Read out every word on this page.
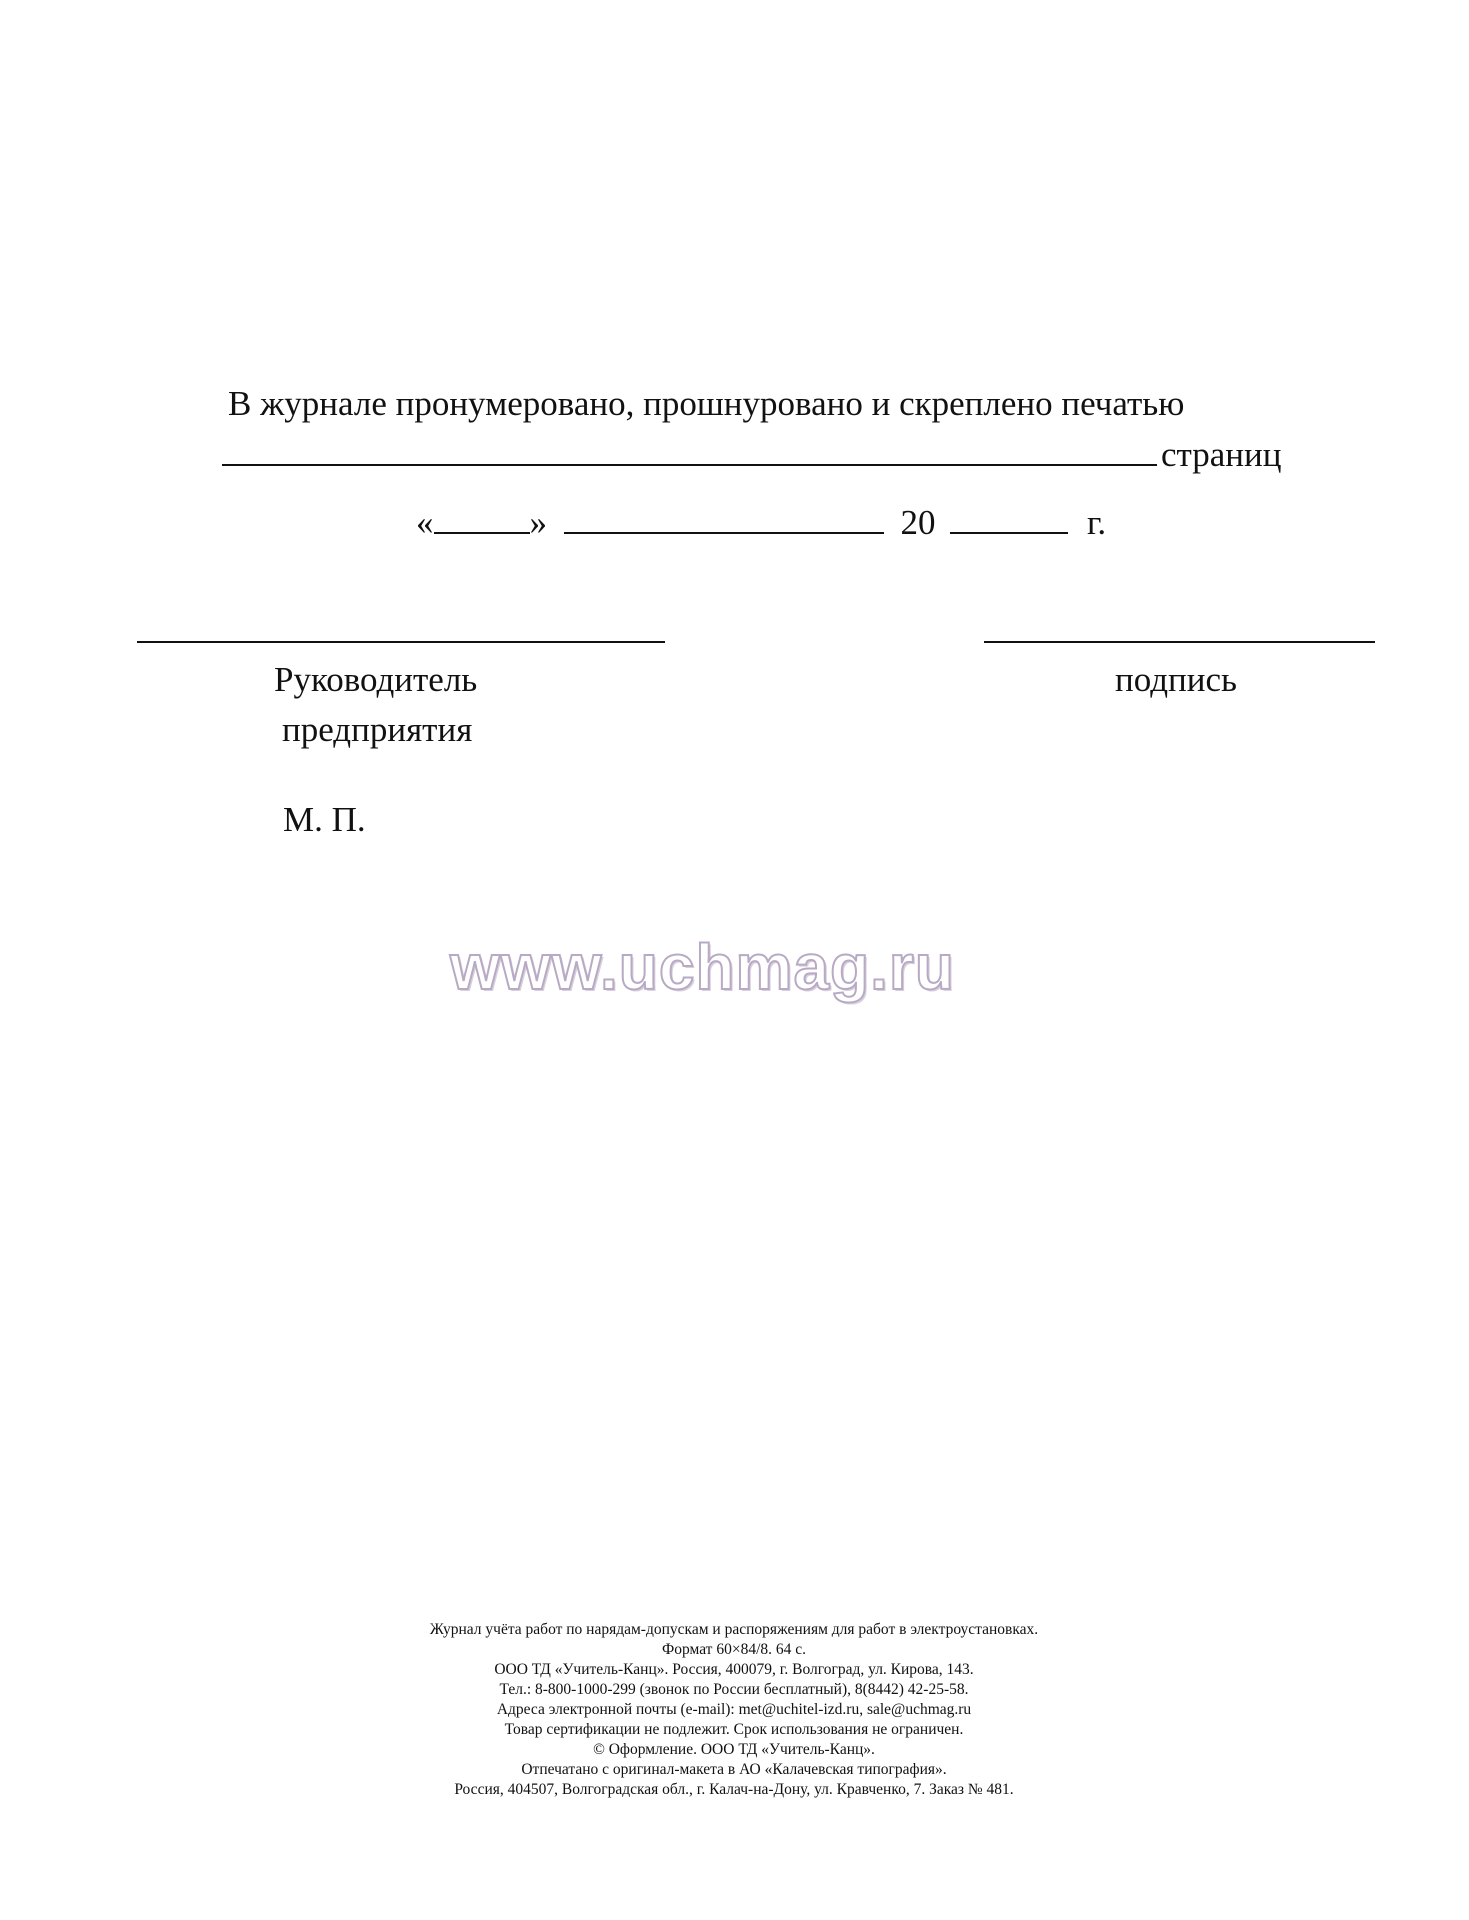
В журнале пронумеровано, прошнуровано и скреплено печатью
страниц
«	»	20	г.
Руководитель
предприятия
подпись
М. П.
www.uchmag.ru
Журнал учёта работ по нарядам-допускам и распоряжениям для работ в электроустановках.
Формат 60×84/8. 64 с.
ООО ТД «Учитель-Канц». Россия, 400079, г. Волгоград, ул. Кирова, 143.
Тел.: 8-800-1000-299 (звонок по России бесплатный), 8(8442) 42-25-58.
Адреса электронной почты (e-mail): met@uchitel-izd.ru, sale@uchmag.ru
Товар сертификации не подлежит. Срок использования не ограничен.
© Оформление. ООО ТД «Учитель-Канц».
Отпечатано с оригинал-макета в АО «Калачевская типография».
Россия, 404507, Волгоградская обл., г. Калач-на-Дону, ул. Кравченко, 7. Заказ № 481.
